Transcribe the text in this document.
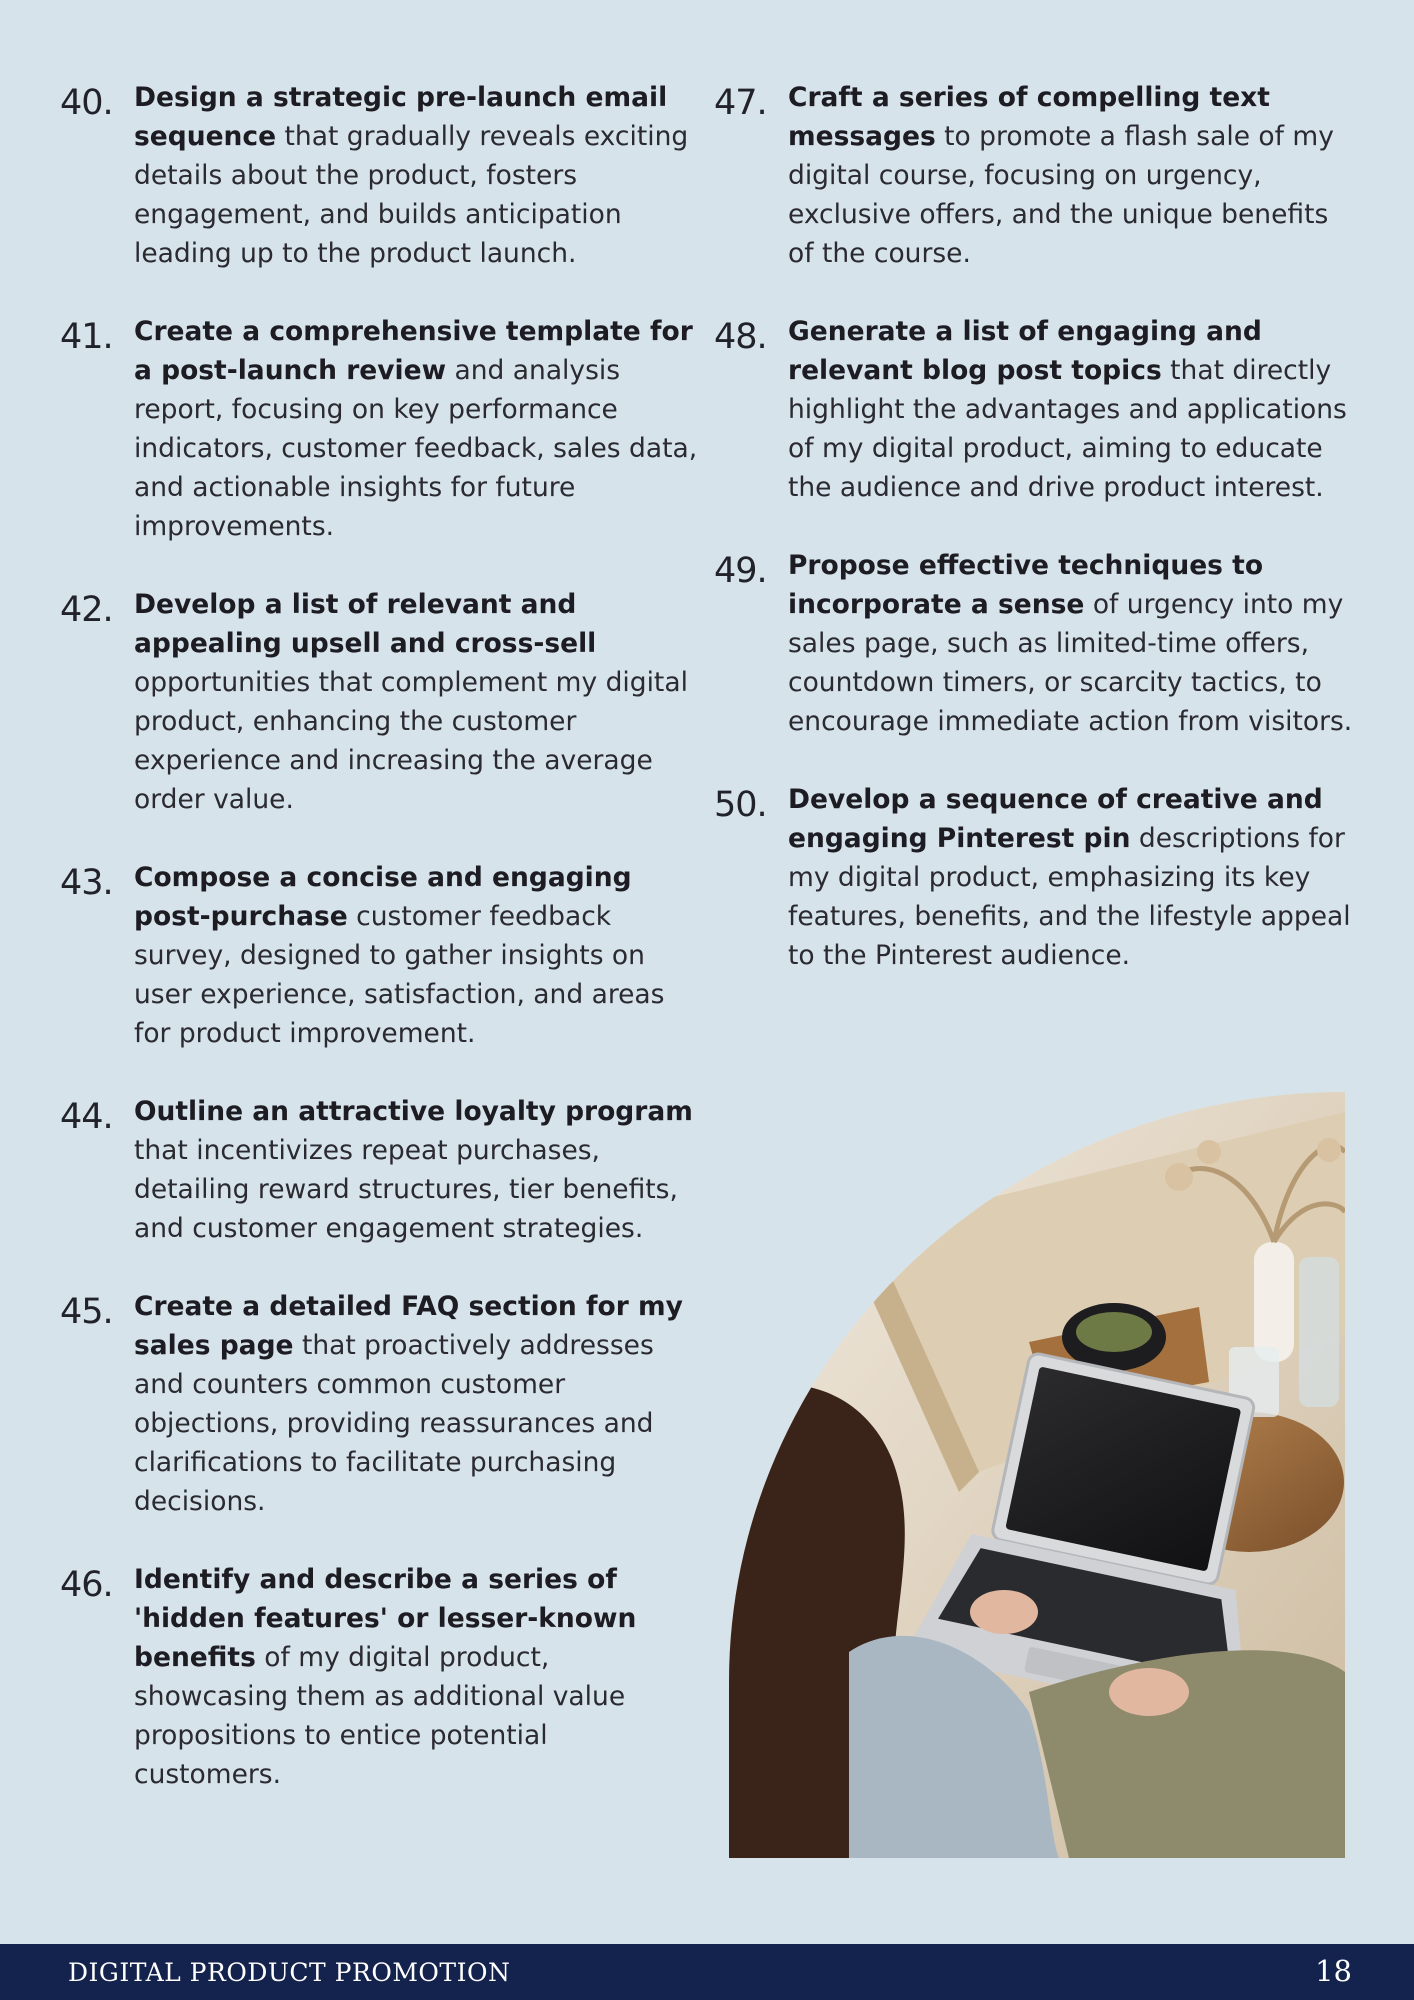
40. Design a strategic pre-launch email sequence that gradually reveals exciting details about the product, fosters engagement, and builds anticipation leading up to the product launch.

41. Create a comprehensive template for a post-launch review and analysis report, focusing on key performance indicators, customer feedback, sales data, and actionable insights for future improvements.

42. Develop a list of relevant and appealing upsell and cross-sell opportunities that complement my digital product, enhancing the customer experience and increasing the average order value.

43. Compose a concise and engaging post-purchase customer feedback survey, designed to gather insights on user experience, satisfaction, and areas for product improvement.

44. Outline an attractive loyalty program that incentivizes repeat purchases, detailing reward structures, tier benefits, and customer engagement strategies.

45. Create a detailed FAQ section for my sales page that proactively addresses and counters common customer objections, providing reassurances and clarifications to facilitate purchasing decisions.

46. Identify and describe a series of 'hidden features' or lesser-known benefits of my digital product, showcasing them as additional value propositions to entice potential customers.

47. Craft a series of compelling text messages to promote a flash sale of my digital course, focusing on urgency, exclusive offers, and the unique benefits of the course.

48. Generate a list of engaging and relevant blog post topics that directly highlight the advantages and applications of my digital product, aiming to educate the audience and drive product interest.

49. Propose effective techniques to incorporate a sense of urgency into my sales page, such as limited-time offers, countdown timers, or scarcity tactics, to encourage immediate action from visitors.

50. Develop a sequence of creative and engaging Pinterest pin descriptions for my digital product, emphasizing its key features, benefits, and the lifestyle appeal to the Pinterest audience.

DIGITAL PRODUCT PROMOTION	18
